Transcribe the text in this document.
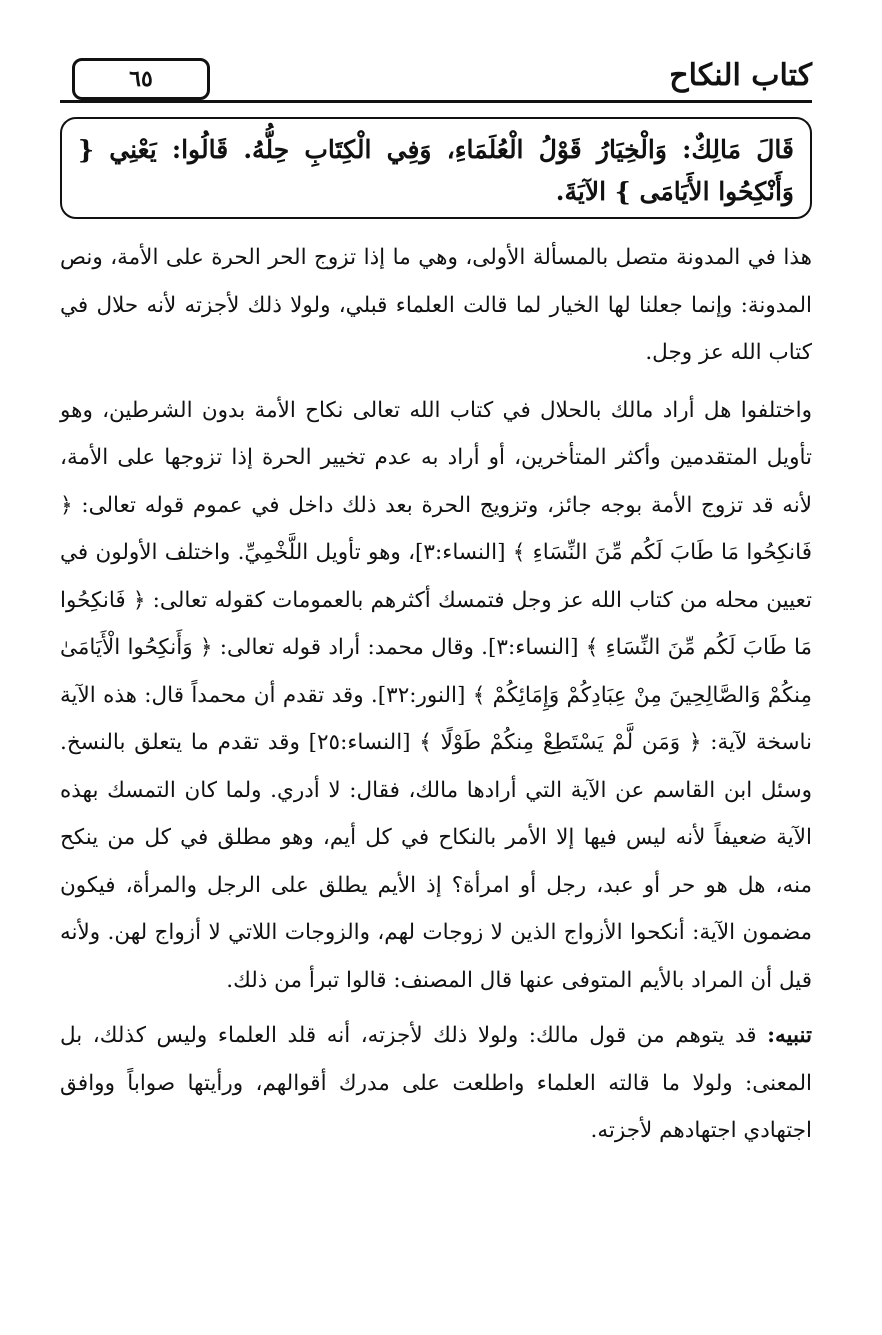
كتاب النكاح
٦٥
قَالَ مَالِكٌ: وَالْخِيَارُ قَوْلُ الْعُلَمَاءِ، وَفِي الْكِتَابِ حِلُّهُ. قَالُوا: يَعْنِي { وَأَنْكِحُوا الأَيَامَى } الآيَةَ.

هذا في المدونة متصل بالمسألة الأولى، وهي ما إذا تزوج الحر الحرة على الأمة، ونص المدونة: وإنما جعلنا لها الخيار لما قالت العلماء قبلي، ولولا ذلك لأجزته لأنه حلال في كتاب الله عز وجل.

واختلفوا هل أراد مالك بالحلال في كتاب الله تعالى نكاح الأمة بدون الشرطين، وهو تأويل المتقدمين وأكثر المتأخرين، أو أراد به عدم تخيير الحرة إذا تزوجها على الأمة، لأنه قد تزوج الأمة بوجه جائز، وتزويج الحرة بعد ذلك داخل في عموم قوله تعالى: ﴿ فَانكِحُوا مَا طَابَ لَكُم مِّنَ النِّسَاءِ ﴾ [النساء:٣]، وهو تأويل اللَّخْمِيِّ. واختلف الأولون في تعيين محله من كتاب الله عز وجل فتمسك أكثرهم بالعمومات كقوله تعالى: ﴿ فَانكِحُوا مَا طَابَ لَكُم مِّنَ النِّسَاءِ ﴾ [النساء:٣]. وقال محمد: أراد قوله تعالى: ﴿ وَأَنكِحُوا الْأَيَامَىٰ مِنكُمْ وَالصَّالِحِينَ مِنْ عِبَادِكُمْ وَإِمَائِكُمْ ﴾ [النور:٣٢]. وقد تقدم أن محمداً قال: هذه الآية ناسخة لآية: ﴿ وَمَن لَّمْ يَسْتَطِعْ مِنكُمْ طَوْلًا ﴾ [النساء:٢٥] وقد تقدم ما يتعلق بالنسخ. وسئل ابن القاسم عن الآية التي أرادها مالك، فقال: لا أدري. ولما كان التمسك بهذه الآية ضعيفاً لأنه ليس فيها إلا الأمر بالنكاح في كل أيم، وهو مطلق في كل من ينكح منه، هل هو حر أو عبد، رجل أو امرأة؟ إذ الأيم يطلق على الرجل والمرأة، فيكون مضمون الآية: أنكحوا الأزواج الذين لا زوجات لهم، والزوجات اللاتي لا أزواج لهن. ولأنه قيل أن المراد بالأيم المتوفى عنها قال المصنف: قالوا تبرأ من ذلك.

تنبيه: قد يتوهم من قول مالك: ولولا ذلك لأجزته، أنه قلد العلماء وليس كذلك، بل المعنى: ولولا ما قالته العلماء واطلعت على مدرك أقوالهم، ورأيتها صواباً ووافق اجتهادي اجتهادهم لأجزته.
